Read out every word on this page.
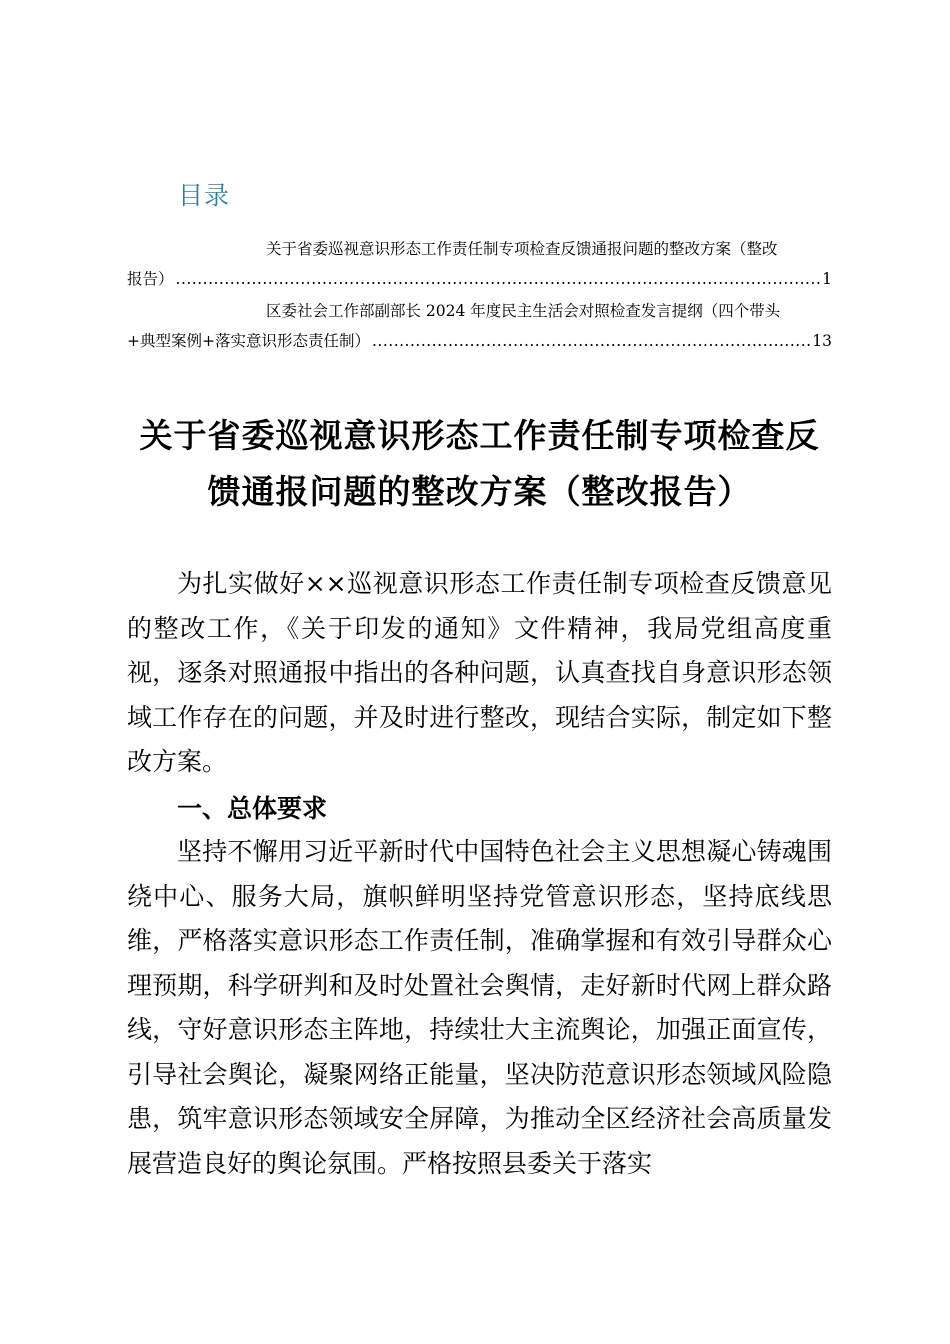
目录
关于省委巡视意识形态工作责任制专项检查反馈通报问题的整改方案（整改
报告） .....	1
区委社会工作部副部长 2024 年度民主生活会对照检查发言提纲（四个带头
+典型案例+落实意识形态责任制） .....	13
关于省委巡视意识形态工作责任制专项检查反
馈通报问题的整改方案（整改报告）

为扎实做好××巡视意识形态工作责任制专项检查反馈意见的整改工作，《关于印发的通知》文件精神，我局党组高度重视，逐条对照通报中指出的各种问题，认真查找自身意识形态领域工作存在的问题，并及时进行整改，现结合实际，制定如下整改方案。

一、总体要求

坚持不懈用习近平新时代中国特色社会主义思想凝心铸魂围绕中心、服务大局，旗帜鲜明坚持党管意识形态，坚持底线思维，严格落实意识形态工作责任制，准确掌握和有效引导群众心理预期，科学研判和及时处置社会舆情，走好新时代网上群众路线，守好意识形态主阵地，持续壮大主流舆论，加强正面宣传，引导社会舆论，凝聚网络正能量，坚决防范意识形态领域风险隐患，筑牢意识形态领域安全屏障，为推动全区经济社会高质量发展营造良好的舆论氛围。严格按照县委关于落实
